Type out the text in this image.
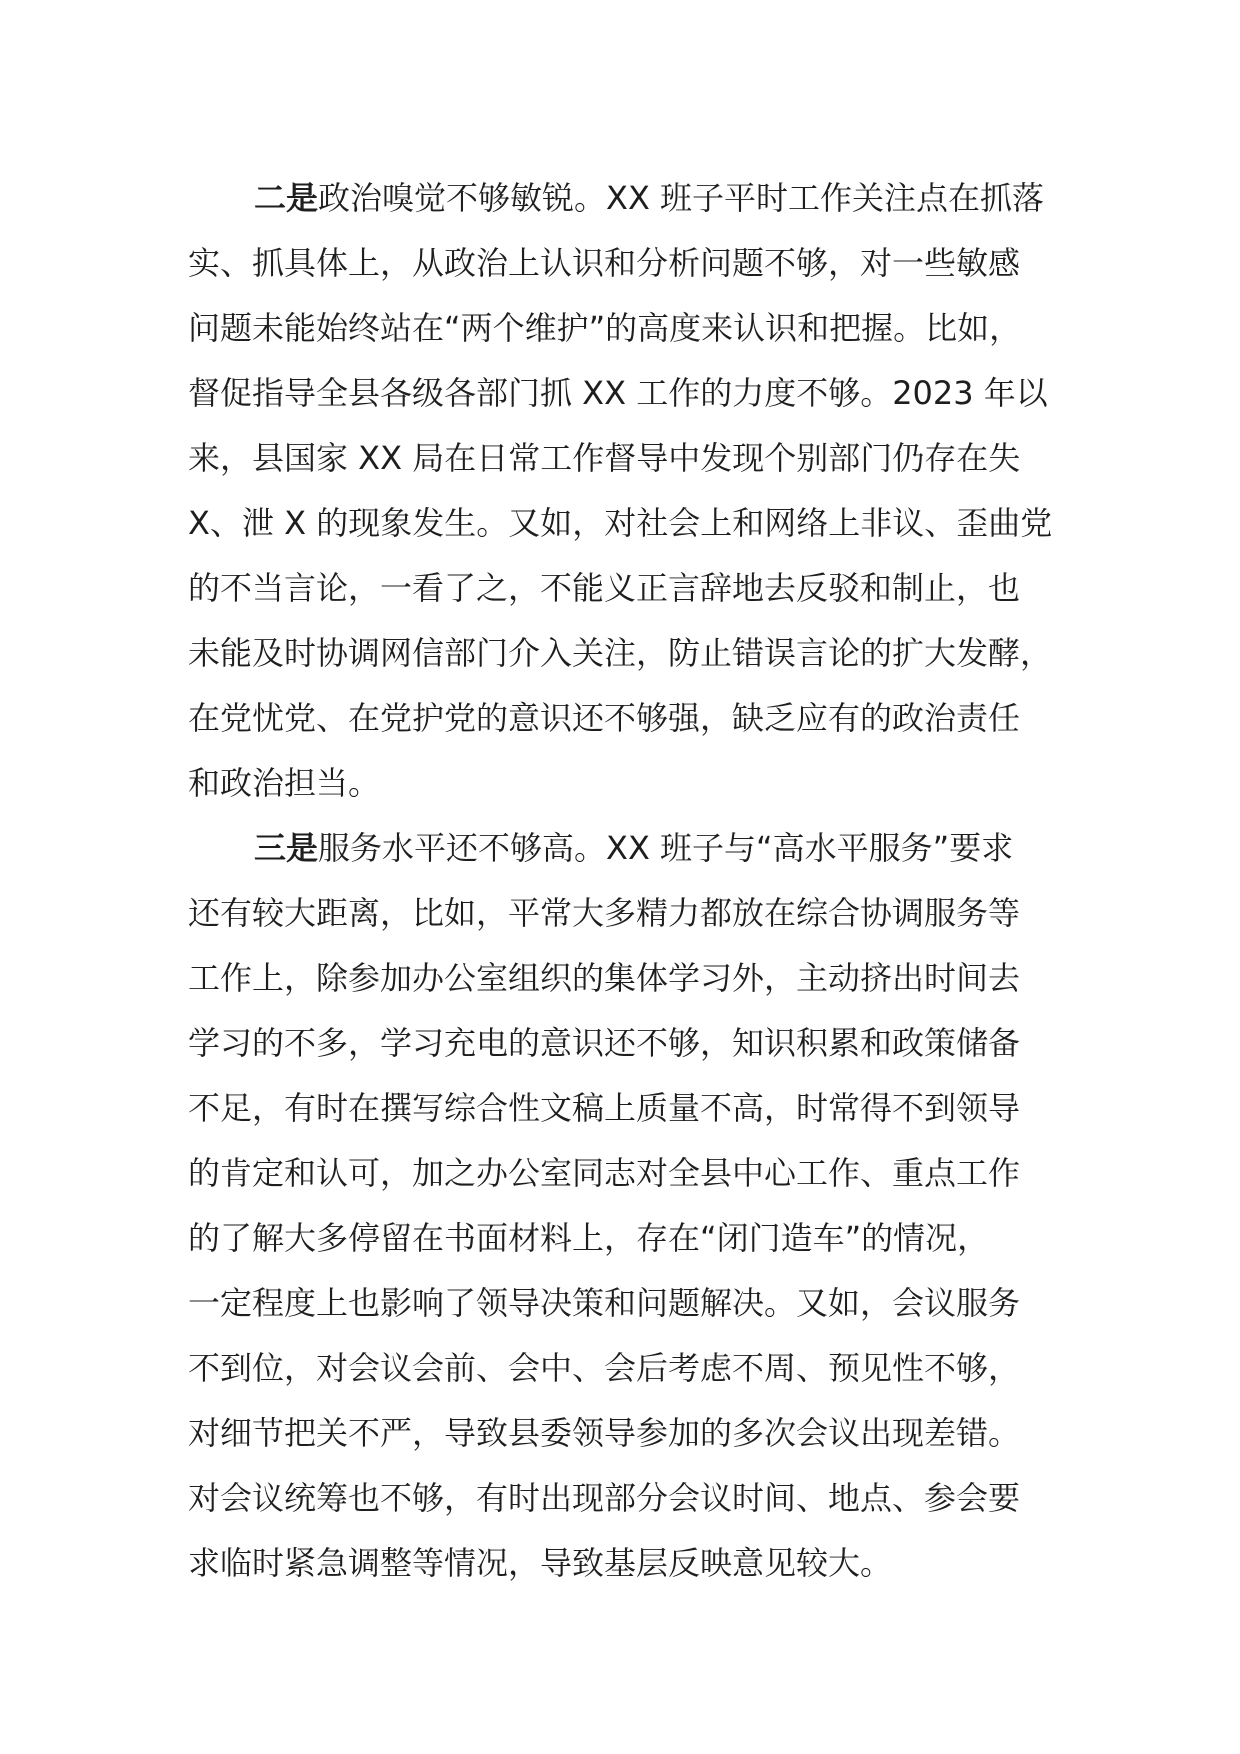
二是政治嗅觉不够敏锐。XX 班子平时工作关注点在抓落
实、抓具体上，从政治上认识和分析问题不够，对一些敏感
问题未能始终站在“两个维护”的高度来认识和把握。比如，
督促指导全县各级各部门抓 XX 工作的力度不够。2023 年以
来，县国家 XX 局在日常工作督导中发现个别部门仍存在失
X、泄 X 的现象发生。又如，对社会上和网络上非议、歪曲党
的不当言论，一看了之，不能义正言辞地去反驳和制止，也
未能及时协调网信部门介入关注，防止错误言论的扩大发酵，
在党忧党、在党护党的意识还不够强，缺乏应有的政治责任
和政治担当。

三是服务水平还不够高。XX 班子与“高水平服务”要求
还有较大距离，比如，平常大多精力都放在综合协调服务等
工作上，除参加办公室组织的集体学习外，主动挤出时间去
学习的不多，学习充电的意识还不够，知识积累和政策储备
不足，有时在撰写综合性文稿上质量不高，时常得不到领导
的肯定和认可，加之办公室同志对全县中心工作、重点工作
的了解大多停留在书面材料上，存在“闭门造车”的情况，
一定程度上也影响了领导决策和问题解决。又如，会议服务
不到位，对会议会前、会中、会后考虑不周、预见性不够，
对细节把关不严，导致县委领导参加的多次会议出现差错。
对会议统筹也不够，有时出现部分会议时间、地点、参会要
求临时紧急调整等情况，导致基层反映意见较大。
